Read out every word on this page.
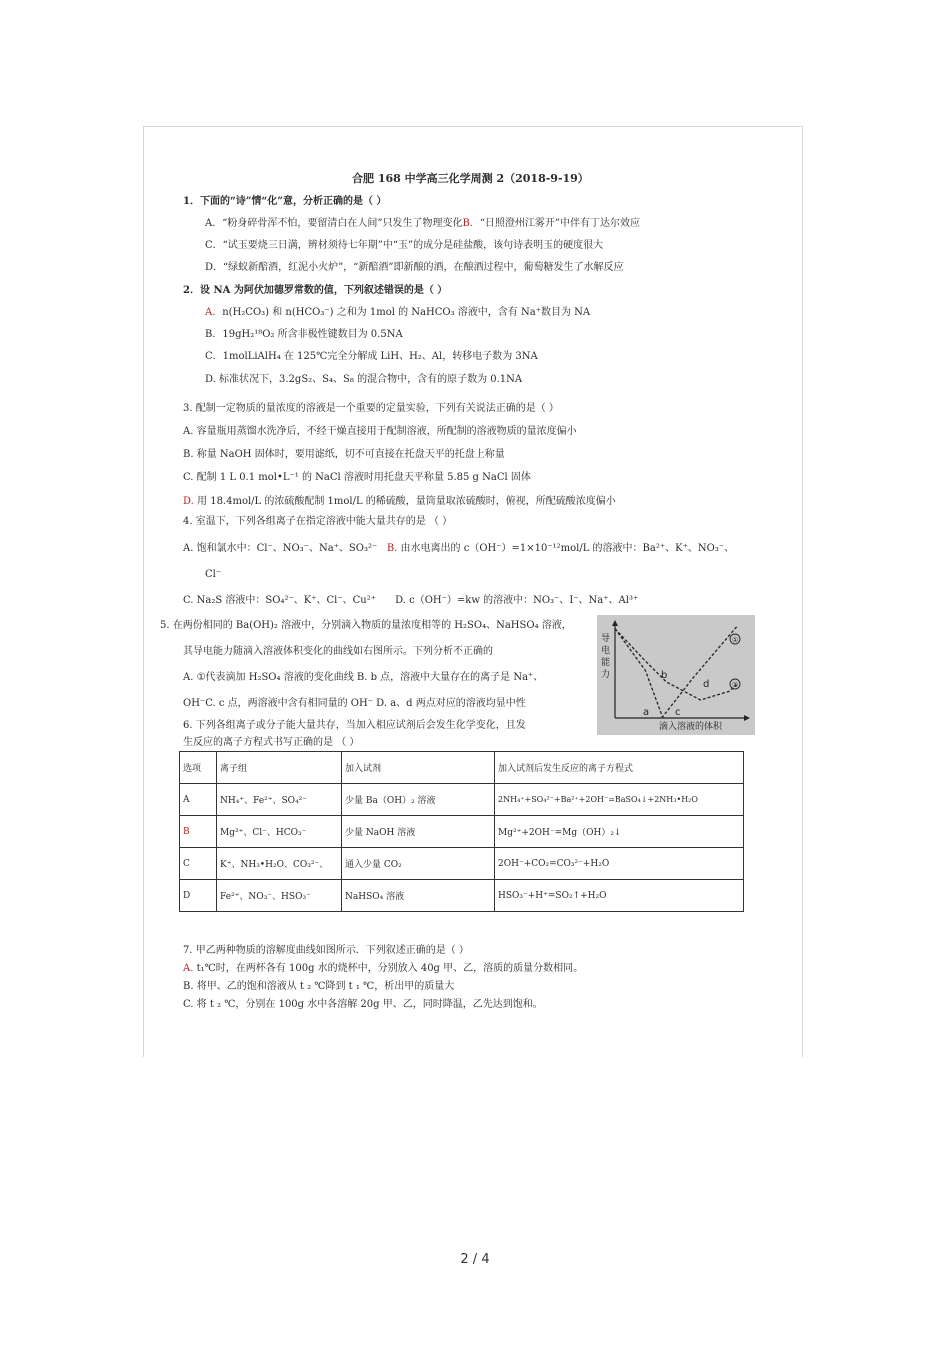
合肥 168 中学高三化学周测 2（2018-9-19）
1．下面的“诗”情“化”意，分析正确的是（ ）
A．“粉身碎骨浑不怕，要留清白在人间”只发生了物理变化B．“日照澄州江雾开”中伴有丁达尔效应
C．“试玉要烧三日满，辨材须待七年期”中“玉”的成分是硅盐酸，该句诗表明玉的硬度很大
D．“绿蚁新醅酒，红泥小火炉”，“新醅酒”即新酿的酒，在酿酒过程中，葡萄糖发生了水解反应
2．设 NA 为阿伏加德罗常数的值，下列叙述错误的是（ ）
A．n(H₂CO₃) 和 n(HCO₃⁻) 之和为 1mol 的 NaHCO₃ 溶液中，含有 Na⁺数目为 NA
B．19gH₂¹⁸O₂ 所含非极性键数目为 0.5NA
C．1molLiAlH₄ 在 125℃完全分解成 LiH、H₂、Al，转移电子数为 3NA
D. 标准状况下，3.2gS₂、S₄、S₈ 的混合物中，含有的原子数为 0.1NA
3. 配制一定物质的量浓度的溶液是一个重要的定量实验，下列有关说法正确的是（ ）
A. 容量瓶用蒸馏水洗净后，不经干燥直接用于配制溶液，所配制的溶液物质的量浓度偏小
B. 称量 NaOH 固体时，要用滤纸，切不可直接在托盘天平的托盘上称量
C. 配制 1 L 0.1 mol•L⁻¹ 的 NaCl 溶液时用托盘天平称量 5.85 g NaCl 固体
D. 用 18.4mol/L 的浓硫酸配制 1mol/L 的稀硫酸，量筒量取浓硫酸时，俯视，所配硫酸浓度偏小
4. 室温下，下列各组离子在指定溶液中能大量共存的是 （ ）
A. 饱和氯水中：Cl⁻、NO₃⁻、Na⁺、SO₃²⁻ B. 由水电离出的 c（OH⁻）=1×10⁻¹²mol/L 的溶液中：Ba²⁺、K⁺、NO₃⁻、
Cl⁻
C. Na₂S 溶液中：SO₄²⁻、K⁺、Cl⁻、Cu²⁺ D. c（OH⁻）=kw 的溶液中：NO₃⁻、I⁻、Na⁺、Al³⁺
5. 在两份相同的 Ba(OH)₂ 溶液中，分别滴入物质的量浓度相等的 H₂SO₄、NaHSO₄ 溶液，
其导电能力随滴入溶液体积变化的曲线如右图所示。下列分析不正确的
A. ①代表滴加 H₂SO₄ 溶液的变化曲线 B. b 点，溶液中大量存在的离子是 Na⁺、
OH⁻C. c 点，两溶液中含有相同量的 OH⁻ D. a、d 两点对应的溶液均显中性
导
电
能
力
滴入溶液的体积
a
b
c
d
①
②
6. 下列各组离子或分子能大量共存，当加入相应试剂后会发生化学变化，且发
生反应的离子方程式书写正确的是 （ ）
选项	离子组	加入试剂	加入试剂后发生反应的离子方程式
A	NH₄⁺、Fe²⁺、SO₄²⁻	少量 Ba（OH）₂ 溶液	2NH₄⁺+SO₄²⁻+Ba²⁺+2OH⁻=BaSO₄↓+2NH₃•H₂O
B	Mg²⁺、Cl⁻、HCO₃⁻	少量 NaOH 溶液	Mg²⁺+2OH⁻=Mg（OH）₂↓
C	K⁺、NH₃•H₂O、CO₃²⁻、	通入少量 CO₂	2OH⁻+CO₂=CO₃²⁻+H₂O
D	Fe²⁺、NO₃⁻、HSO₃⁻	NaHSO₄ 溶液	HSO₃⁻+H⁺=SO₂↑+H₂O
7. 甲乙两种物质的溶解度曲线如图所示．下列叙述正确的是（ ）
A. t₁℃时，在两杯各有 100g 水的烧杯中，分别放入 40g 甲、乙，溶质的质量分数相同。
B. 将甲、乙的饱和溶液从 t ₂ ℃降到 t ₁ ℃，析出甲的质量大
C. 将 t ₂ ℃，分别在 100g 水中各溶解 20g 甲、乙，同时降温，乙先达到饱和。
2 / 4
